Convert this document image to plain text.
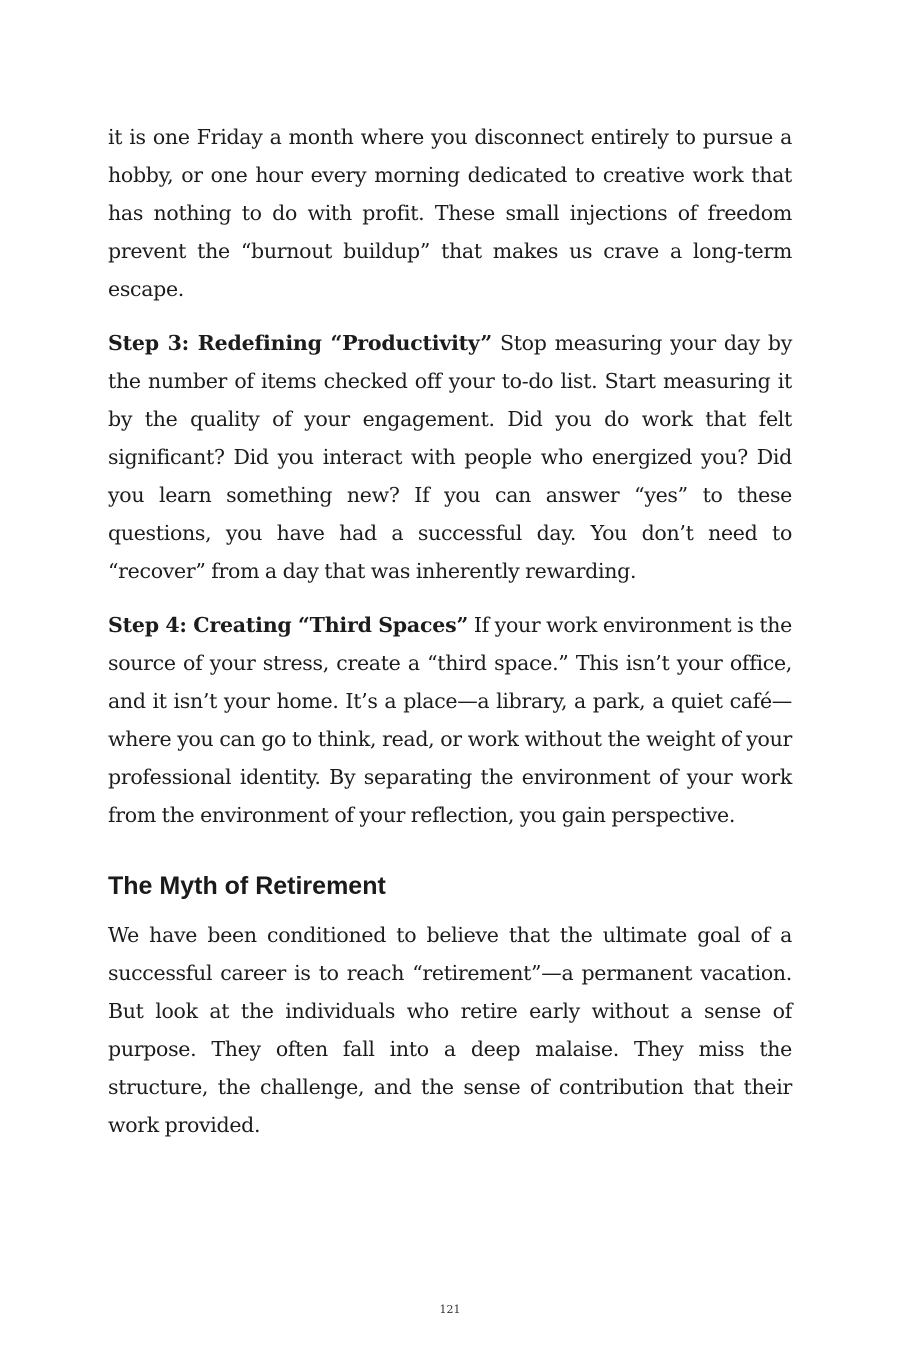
it is one Friday a month where you disconnect entirely to pursue a hobby, or one hour every morning dedicated to creative work that has nothing to do with profit. These small injections of freedom prevent the “burnout buildup” that makes us crave a long-term escape.

Step 3: Redefining “Productivity” Stop measuring your day by the number of items checked off your to-do list. Start measuring it by the quality of your engagement. Did you do work that felt significant? Did you interact with people who energized you? Did you learn something new? If you can answer “yes” to these questions, you have had a successful day. You don’t need to “recover” from a day that was inherently rewarding.

Step 4: Creating “Third Spaces” If your work environment is the source of your stress, create a “third space.” This isn’t your office, and it isn’t your home. It’s a place—a library, a park, a quiet café—where you can go to think, read, or work without the weight of your professional identity. By separating the environment of your work from the environment of your reflection, you gain perspective.

The Myth of Retirement

We have been conditioned to believe that the ultimate goal of a successful career is to reach “retirement”—a permanent vacation. But look at the individuals who retire early without a sense of purpose. They often fall into a deep malaise. They miss the structure, the challenge, and the sense of contribution that their work provided.

121
